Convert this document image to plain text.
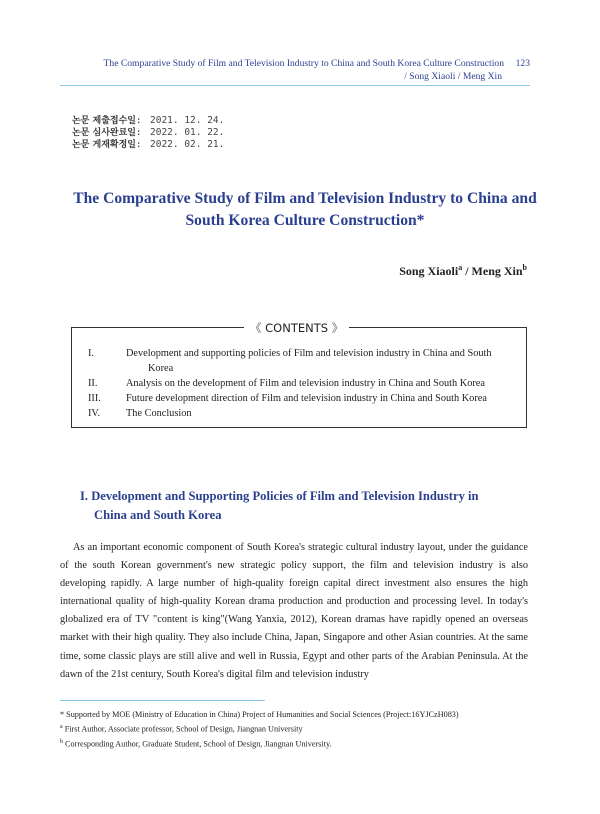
The Comparative Study of Film and Television Industry to China and South Korea Culture Construction 123
/ Song Xiaoli / Meng Xin
논문 제출접수일 : 2021. 12. 24.
논문 심사완료일 : 2022. 01. 22.
논문 게재확정일 : 2022. 02. 21.
The Comparative Study of Film and Television Industry to China and
South Korea Culture Construction*
Song Xiaoli$^a$ / Meng Xin$^b$
《 CONTENTS 》
I.	Development and supporting policies of Film and television industry in China and South
Korea
II.	Analysis on the development of Film and television industry in China and South Korea
III.	Future development direction of Film and television industry in China and South Korea
IV.	The Conclusion
I. Development and Supporting Policies of Film and Television Industry in
China and South Korea
As an important economic component of South Korea's strategic cultural industry layout, under the guidance of the south Korean government's new strategic policy support, the film and television industry is also developing rapidly. A large number of high-quality foreign capital direct investment also ensures the high international quality of high-quality Korean drama production and production and processing level. In today's globalized era of TV "content is king"(Wang Yanxia, 2012), Korean dramas have rapidly opened an overseas market with their high quality. They also include China, Japan, Singapore and other Asian countries. At the same time, some classic plays are still alive and well in Russia, Egypt and other parts of the Arabian Peninsula. At the dawn of the 21st century, South Korea's digital film and television industry
* Supported by MOE (Ministry of Education in China) Project of Humanities and Social Sciences (Project:16YJCzH083)
$^a$ First Author, Associate professor, School of Design, Jiangnan University
$^b$ Corresponding Author, Graduate Student, School of Design, Jiangnan University.
